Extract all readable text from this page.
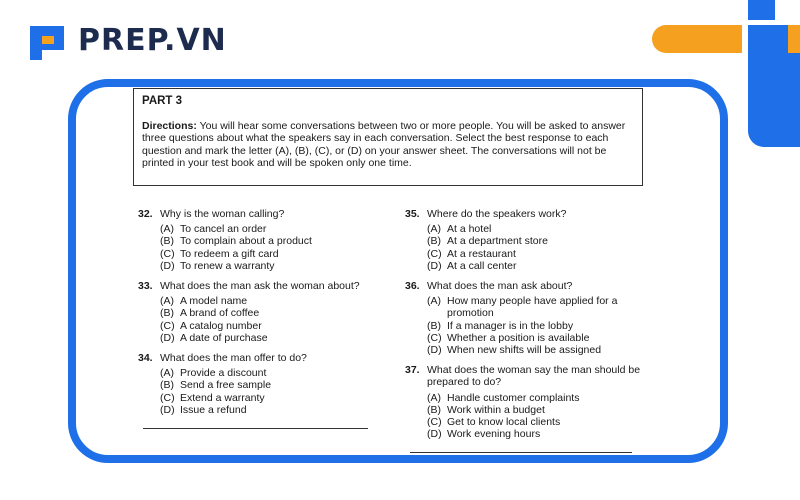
PREP.VN
PART 3
Directions: You will hear some conversations between two or more people. You will be asked to answer three questions about what the speakers say in each conversation. Select the best response to each question and mark the letter (A), (B), (C), or (D) on your answer sheet. The conversations will not be printed in your test book and will be spoken only one time.
32. Why is the woman calling?
(A) To cancel an order
(B) To complain about a product
(C) To redeem a gift card
(D) To renew a warranty
33. What does the man ask the woman about?
(A) A model name
(B) A brand of coffee
(C) A catalog number
(D) A date of purchase
34. What does the man offer to do?
(A) Provide a discount
(B) Send a free sample
(C) Extend a warranty
(D) Issue a refund
35. Where do the speakers work?
(A) At a hotel
(B) At a department store
(C) At a restaurant
(D) At a call center
36. What does the man ask about?
(A) How many people have applied for a promotion
(B) If a manager is in the lobby
(C) Whether a position is available
(D) When new shifts will be assigned
37. What does the woman say the man should be prepared to do?
(A) Handle customer complaints
(B) Work within a budget
(C) Get to know local clients
(D) Work evening hours
